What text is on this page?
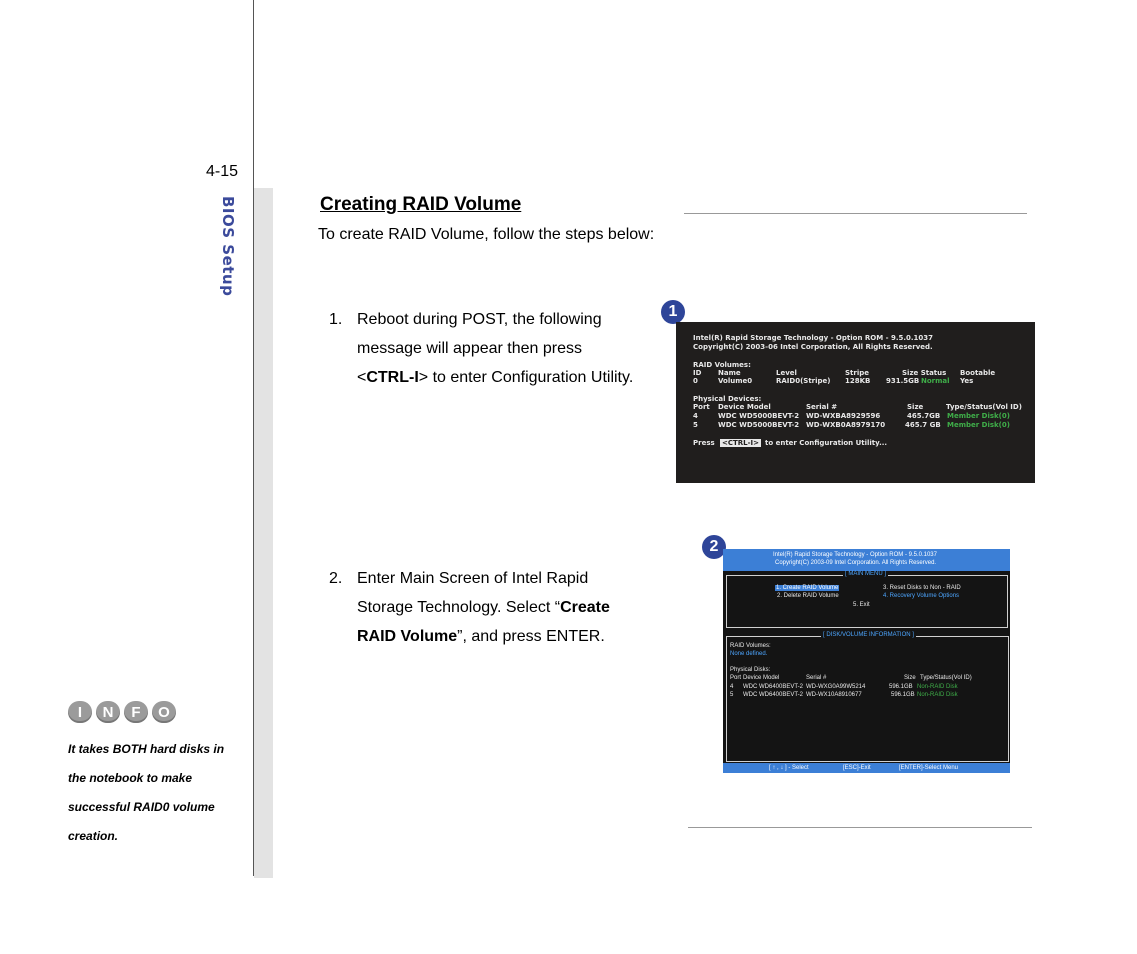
4-15
BIOS Setup
I	N	F	O
It takes BOTH hard disks in
the notebook to make
successful RAID0 volume
creation.
Creating RAID Volume
To create RAID Volume, follow the steps below:
1. Reboot during POST, the following
message will appear then press
<CTRL-I> to enter Configuration Utility.
2. Enter Main Screen of Intel Rapid
Storage Technology. Select “Create
RAID Volume”, and press ENTER.
1
2
Intel(R) Rapid Storage Technology - Option ROM - 9.5.0.1037
Copyright(C) 2003-06 Intel Corporation, All Rights Reserved.
RAID Volumes:
ID Name	Level	Stripe	Size Status Bootable
0	Volume0	RAID0(Stripe) 128KB 931.5GB Normal Yes
Physical Devices:
Port Device Model	Serial #	Size	Type/Status(Vol ID)
4	WDC WD5000BEVT-2 WD-WXBA8929596	465.7GB Member Disk(0)
5	WDC WD5000BEVT-2 WD-WXB0A8979170	465.7 GB Member Disk(0)
Press <CTRL-I> to enter Configuration Utility...
Intel(R) Rapid Storage Technology - Option ROM - 9.5.0.1037
Copyright(C) 2003-09 Intel Corporation. All Rights Reserved.
[ MAIN MENU ]
1. Create RAID Volume
2. Delete RAID Volume
3. Reset Disks to Non - RAID
4. Recovery Volume Options
5. Exit
[ DISK/VOLUME INFORMATION ]
RAID Volumes:
None defined.
Physical Disks:
Port Device Model	Serial #	Size Type/Status(Vol ID)
4 WDC WD6400BEVT-2 WD-WXG0A99W5214	596.1GB Non-RAID Disk
5 WDC WD6400BEVT-2 WD-WX10A8910677	596.1GB Non-RAID Disk
[ ↑ , ↓ ] - Select	[ESC]-Exit	[ENTER]-Select Menu
